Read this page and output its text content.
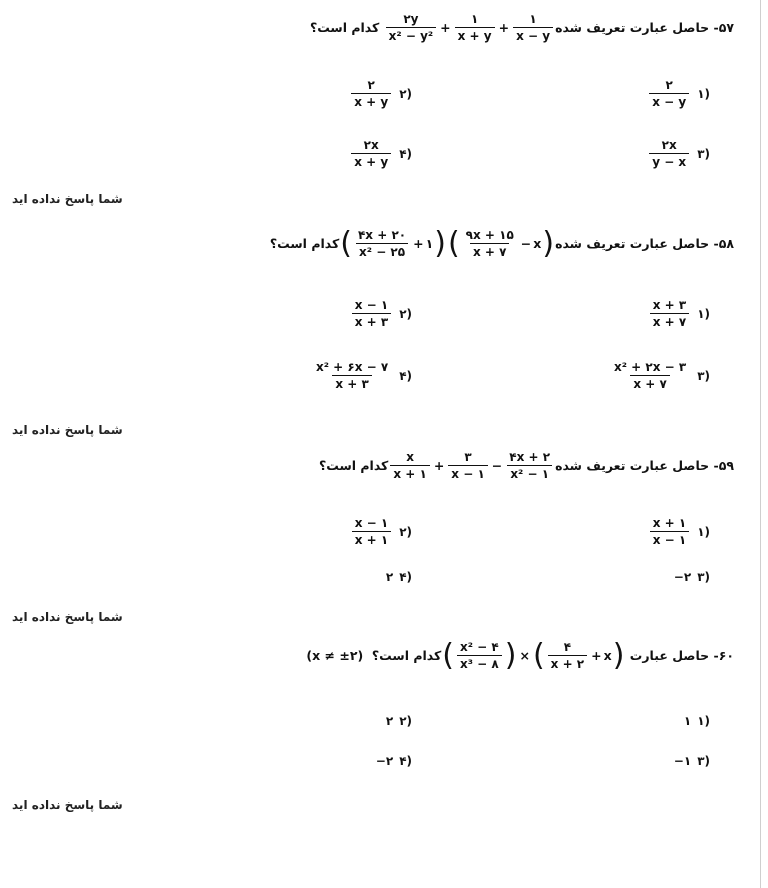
۵۷-

حاصل عبارت تعریف شده
$\frac{۱}{x - y}$
+
$\frac{۱}{x + y}$
+
$\frac{۲y}{\text{x² − y²}}$

کدام است؟
(۱
$\frac{۲}{x - y}$
(۲
$\frac{۲}{x + y}$
(۳
$\frac{۲x}{y - x}$
(۴
$\frac{۲x}{x + y}$
شما پاسخ نداده اید
۵۸-

حاصل عبارت تعریف شده
(
x
−
$\frac{۹x + ۱۵}{x + ۷}$
)
(
۱
+
$\frac{۴x + ۲۰}{\text{x² − ۲۵}}$
)
کدام است؟
(۱
$\frac{x + ۳}{x + ۷}$
(۲
$\frac{x - ۱}{x + ۳}$
(۳
$\frac{\text{x² + ۲x − ۳}}{x + ۷}$
(۴
$\frac{\text{x² + ۶x − ۷}}{x + ۳}$
شما پاسخ نداده اید
۵۹-

حاصل عبارت تعریف شده
$\frac{۴x + ۲}{\text{x² − ۱}}$
−
$\frac{۳}{x - ۱}$
+
$\frac{x}{x + ۱}$
کدام است؟
(۱
$\frac{x + ۱}{x - ۱}$
(۲
$\frac{x - ۱}{x + ۱}$
(۳
−۲
(۴
۲
شما پاسخ نداده اید
۶۰-

حاصل عبارت

(
x
+
$\frac{۴}{x + ۲}$
)
×
(
$\frac{\text{x² − ۴}}{\text{x³ − ۸}}$
)
کدام است؟

(x ≠ ±۲)
(۱
۱
(۲
۲
(۳
−۱
(۴
−۲
شما پاسخ نداده اید
